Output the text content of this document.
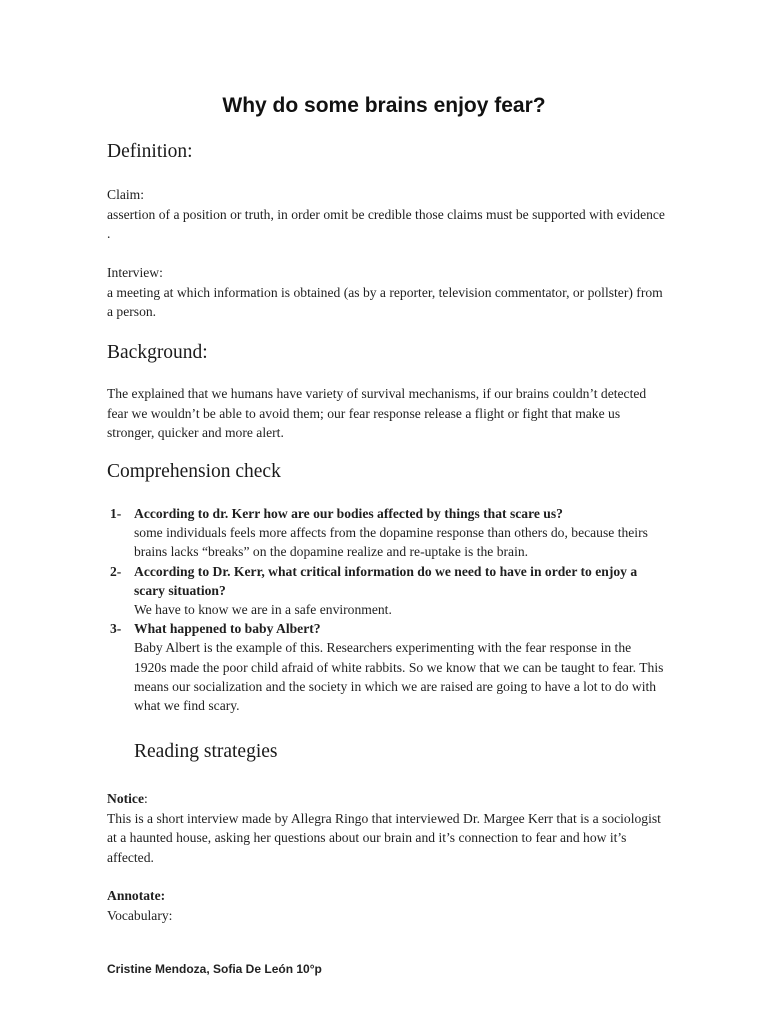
Why do some brains enjoy fear?
Definition:
Claim:
assertion of a position or truth, in order omit be credible those claims must be supported with evidence .
Interview:
a meeting at which information is obtained (as by a reporter, television commentator, or pollster) from a person.
Background:
The explained that we humans have variety of survival mechanisms, if our brains couldn’t detected fear we wouldn’t be able to avoid them; our fear response release a flight or fight that make us stronger, quicker and more alert.
Comprehension check
1- According to dr. Kerr how are our bodies affected by things that scare us?
some individuals feels more affects from the dopamine response than others do, because theirs brains lacks “breaks” on the dopamine realize and re-uptake is the brain.
2- According to Dr. Kerr, what critical information do we need to have in order to enjoy a scary situation?
We have to know we are in a safe environment.
3- What happened to baby Albert?
Baby Albert is the example of this. Researchers experimenting with the fear response in the 1920s made the poor child afraid of white rabbits. So we know that we can be taught to fear. This means our socialization and the society in which we are raised are going to have a lot to do with what we find scary.
Reading strategies
Notice:
This is a short interview made by Allegra Ringo that interviewed Dr. Margee Kerr that is a sociologist at a haunted house, asking her questions about our brain and it’s connection to fear and how it’s affected.
Annotate:
Vocabulary:
Cristine Mendoza, Sofia De León 10°p
